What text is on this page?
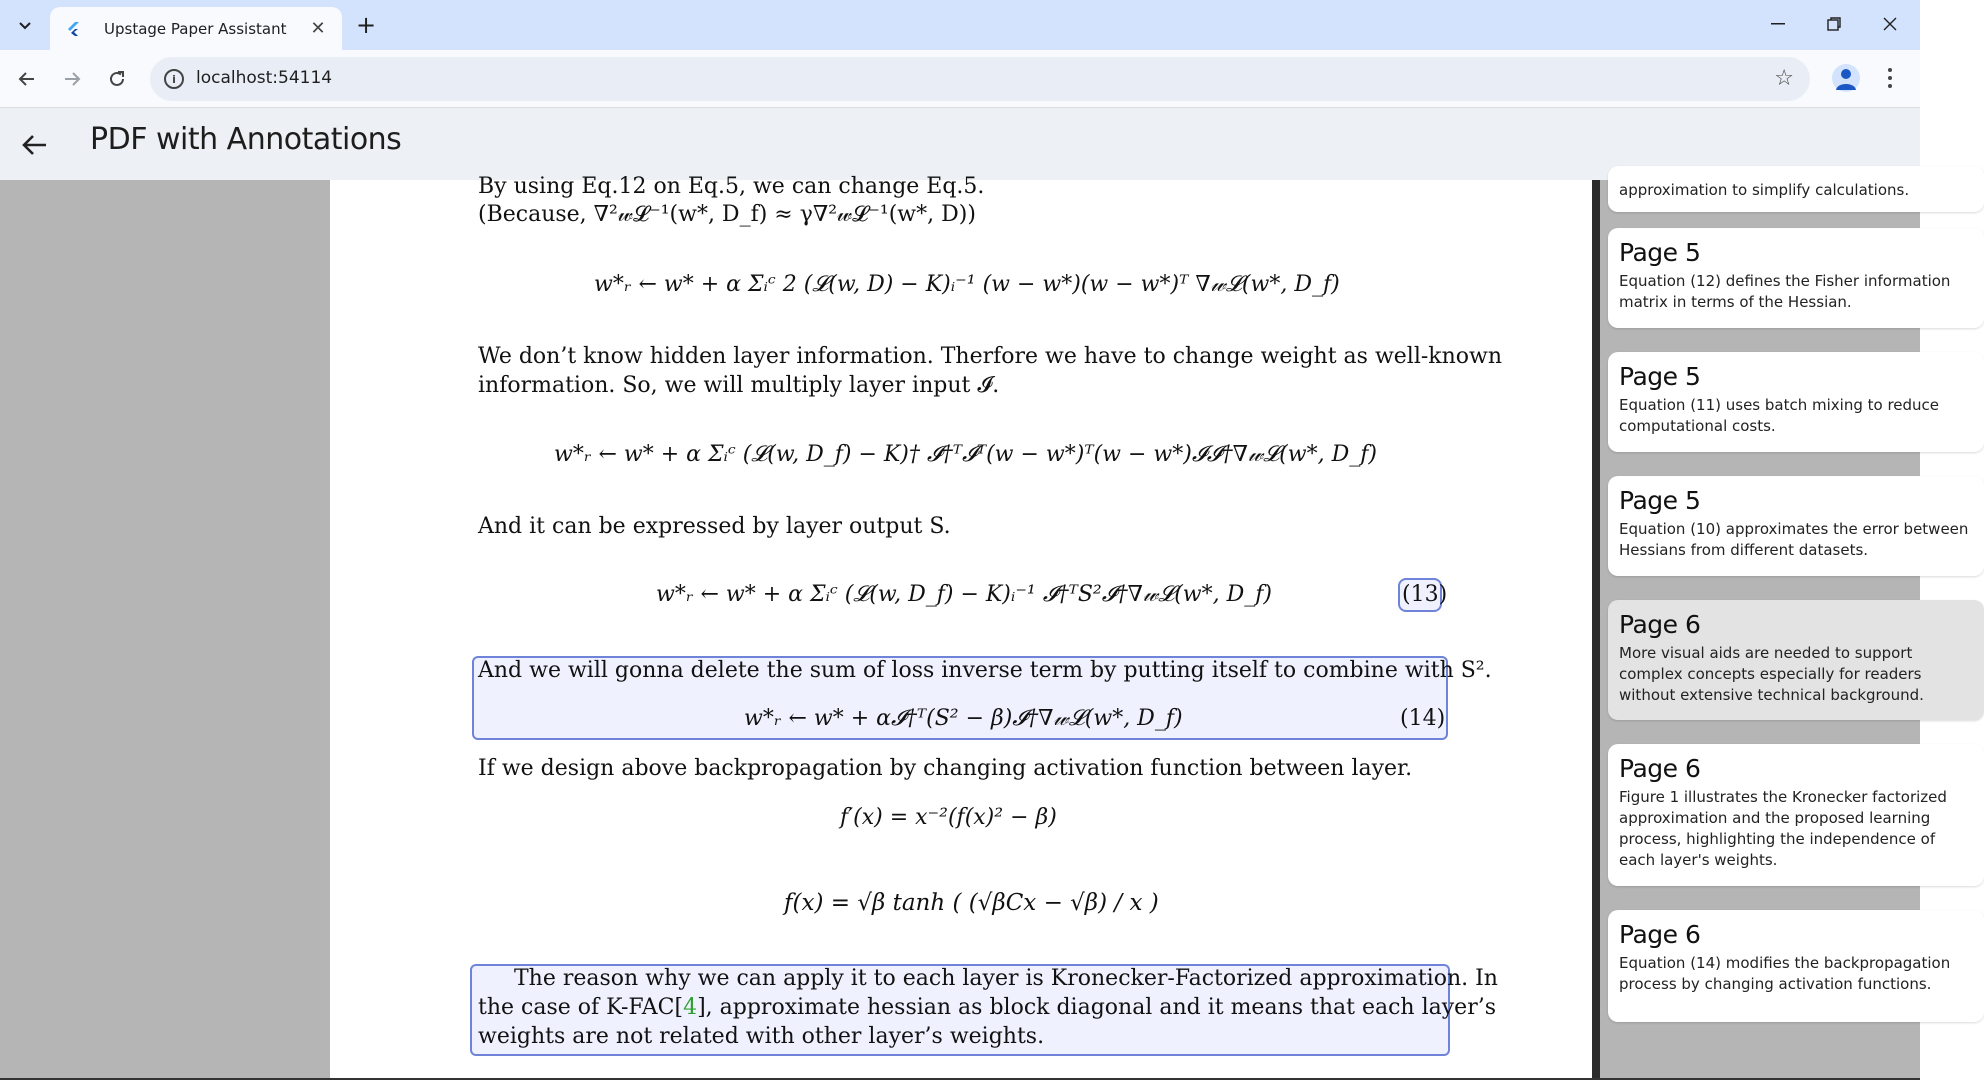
Upstage Paper Assistant	✕ +
i	localhost:54114	☆
PDF with Annotations
By using Eq.12 on Eq.5, we can change Eq.5.
(Because, ∇²𝓌𝓛⁻¹(w*, D_f) ≈ γ∇²𝓌𝓛⁻¹(w*, D))
w*ᵣ ← w* + α Σᵢᶜ 2 (𝓛(w, D) − K)ᵢ⁻¹ (w − w*)(w − w*)ᵀ ∇𝓌𝓛(w*, D_f)
We don’t know hidden layer information. Therfore we have to change weight as well-known
information. So, we will multiply layer input 𝓘.
w*ᵣ ← w* + α Σᵢᶜ (𝓛(w, D_f) − K)† 𝓘†ᵀ𝓘ᵀ(w − w*)ᵀ(w − w*)𝓘𝓘†∇𝓌𝓛(w*, D_f)
And it can be expressed by layer output S.
w*ᵣ ← w* + α Σᵢᶜ (𝓛(w, D_f) − K)ᵢ⁻¹ 𝓘†ᵀS²𝓘†∇𝓌𝓛(w*, D_f)	(13)
And we will gonna delete the sum of loss inverse term by putting itself to combine with S².
w*ᵣ ← w* + α𝓘†ᵀ(S² − β)𝓘†∇𝓌𝓛(w*, D_f)	(14)
If we design above backpropagation by changing activation function between layer.
f′(x) = x⁻²(f(x)² − β)
f(x) = √β tanh ( (√βCx − √β) / x )
The reason why we can apply it to each layer is Kronecker-Factorized approximation. In
the case of K-FAC[4], approximate hessian as block diagonal and it means that each layer’s
weights are not related with other layer’s weights.

approximation to simplify calculations.

Page 5

Equation (12) defines the Fisher information matrix in terms of the Hessian.

Page 5

Equation (11) uses batch mixing to reduce computational costs.

Page 5

Equation (10) approximates the error between Hessians from different datasets.

Page 6

More visual aids are needed to support complex concepts especially for readers without extensive technical background.

Page 6

Figure 1 illustrates the Kronecker factorized approximation and the proposed learning process, highlighting the independence of each layer's weights.

Page 6

Equation (14) modifies the backpropagation process by changing activation functions.
